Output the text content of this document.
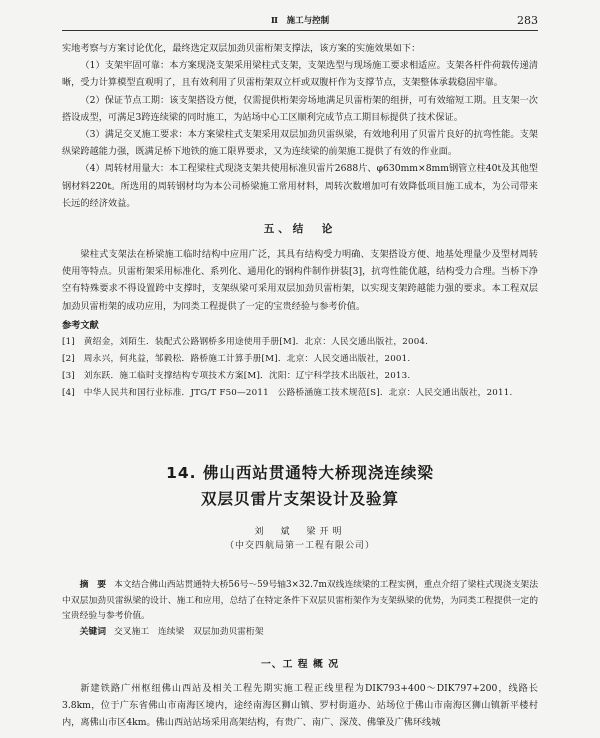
Ⅱ　施工与控制	283

实地考察与方案讨论优化，最终选定双层加劲贝雷桁架支撑法，该方案的实施效果如下：

（1）支架牢固可靠：本方案现浇支架采用梁柱式支架，支架选型与现场施工要求相适应。支架各杆件荷载传递清晰，受力计算模型直观明了，且有效利用了贝雷桁架双立杆或双腹杆作为支撑节点，支架整体承载稳固牢靠。

（2）保证节点工期：该支架搭设方便，仅需提供桁架旁场地满足贝雷桁架的组拼，可有效缩短工期。且支架一次搭设成型，可满足3跨连续梁的同时施工，为站场中心工区顺利完成节点工期目标提供了技术保证。

（3）满足交叉施工要求：本方案梁柱式支架采用双层加劲贝雷纵梁，有效地利用了贝雷片良好的抗弯性能。支架纵梁跨越能力强，既满足桥下地铁的施工限界要求，又为连续梁的前架施工提供了有效的作业面。

（4）周转材用量大：本工程梁柱式现浇支架共使用标准贝雷片2688片、φ630mm×8mm钢管立柱40t及其他型钢材料220t。所选用的周转钢材均为本公司桥梁施工常用材料，周转次数增加可有效降低项目施工成本，为公司带来长远的经济效益。

五、结　论

梁柱式支架法在桥梁施工临时结构中应用广泛，其具有结构受力明确、支架搭设方便、地基处理量少及型材周转使用等特点。贝雷桁架采用标准化、系列化、通用化的钢构件制作拼装[3]，抗弯性能优越，结构受力合理。当桥下净空有特殊要求不得设置跨中支撑时，支架纵梁可采用双层加劲贝雷桁架，以实现支架跨越能力强的要求。本工程双层加劲贝雷桁架的成功应用，为同类工程提供了一定的宝贵经验与参考价值。

参考文献
[1]　黄绍金，刘陌生．装配式公路钢桥多用途使用手册[M]．北京：人民交通出版社，2004.
[2]　周永兴，何兆益，邹毅松．路桥施工计算手册[M]．北京：人民交通出版社，2001.
[3]　刘东跃．施工临时支撑结构专项技术方案[M]．沈阳：辽宁科学技术出版社，2013.
[4]　中华人民共和国行业标准．JTG/T F50—2011　公路桥涵施工技术规范[S]．北京：人民交通出版社，2011.
14. 佛山西站贯通特大桥现浇连续梁
双层贝雷片支架设计及验算
刘　斌　梁开明
（中交四航局第一工程有限公司）

摘　要 本文结合佛山西站贯通特大桥56号～59号轴3×32.7m双线连续梁的工程实例，重点介绍了梁柱式现浇支架法中双层加劲贝雷纵梁的设计、施工和应用，总结了在特定条件下双层贝雷桁架作为支架纵梁的优势，为同类工程提供一定的宝贵经验与参考价值。

关键词 交叉施工　连续梁　双层加劲贝雷桁架

一、工 程 概 况

新建铁路广州枢纽佛山西站及相关工程先期实施工程正线里程为DIK793+400～DIK797+200，线路长3.8km，位于广东省佛山市南海区境内，途经南海区狮山镇、罗村街道办、站场位于佛山市南海区狮山镇新平楼村内，离佛山市区4km。佛山西站站场采用高架结构，有贵广、南广、深茂、佛肇及广佛环线城
